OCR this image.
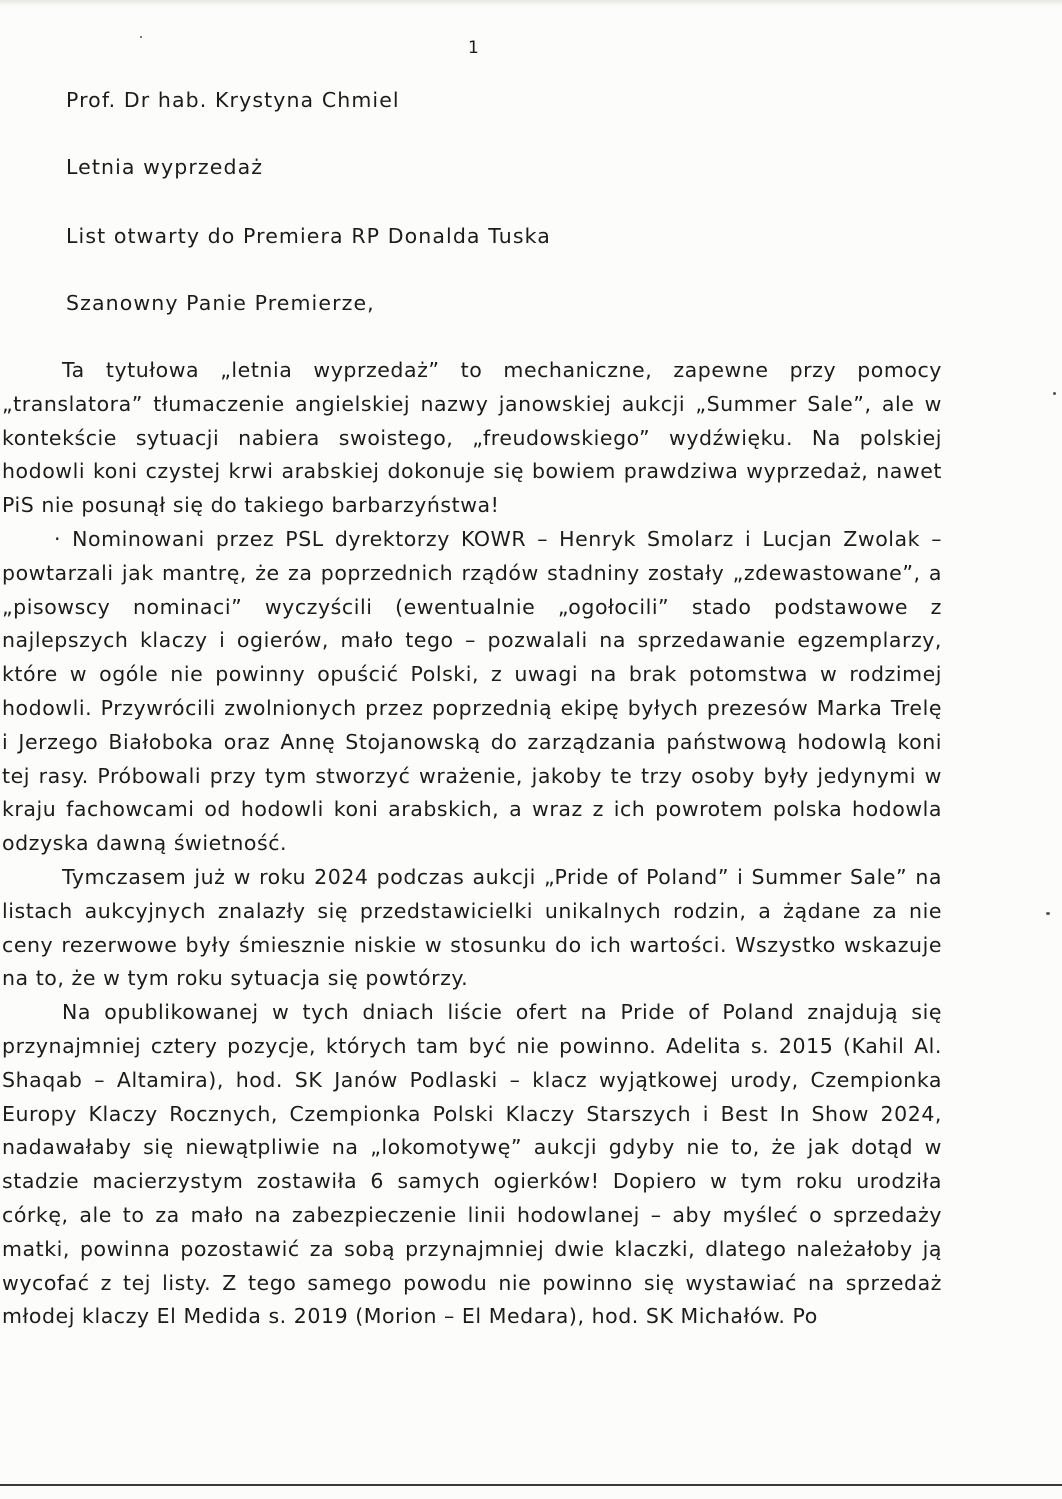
1
Prof. Dr hab. Krystyna Chmiel
Letnia wyprzedaż
List otwarty do Premiera RP Donalda Tuska
Szanowny Panie Premierze,

Ta tytułowa „letnia wyprzedaż” to mechaniczne, zapewne przy pomocy „translatora” tłumaczenie angielskiej nazwy janowskiej aukcji „Summer Sale”, ale w kontekście sytuacji nabiera swoistego, „freudowskiego” wydźwięku. Na polskiej hodowli koni czystej krwi arabskiej dokonuje się bowiem prawdziwa wyprzedaż, nawet PiS nie posunął się do takiego barbarzyństwa!

· Nominowani przez PSL dyrektorzy KOWR – Henryk Smolarz i Lucjan Zwolak – powtarzali jak mantrę, że za poprzednich rządów stadniny zostały „zdewastowane”, a „pisowscy nominaci” wyczyścili (ewentualnie „ogołocili” stado podstawowe z najlepszych klaczy i ogierów, mało tego – pozwalali na sprzedawanie egzemplarzy, które w ogóle nie powinny opuścić Polski, z uwagi na brak potomstwa w rodzimej hodowli. Przywrócili zwolnionych przez poprzednią ekipę byłych prezesów Marka Trelę i Jerzego Białoboka oraz Annę Stojanowską do zarządzania państwową hodowlą koni tej rasy. Próbowali przy tym stworzyć wrażenie, jakoby te trzy osoby były jedynymi w kraju fachowcami od hodowli koni arabskich, a wraz z ich powrotem polska hodowla odzyska dawną świetność.

Tymczasem już w roku 2024 podczas aukcji „Pride of Poland” i Summer Sale” na listach aukcyjnych znalazły się przedstawicielki unikalnych rodzin, a żądane za nie ceny rezerwowe były śmiesznie niskie w stosunku do ich wartości. Wszystko wskazuje na to, że w tym roku sytuacja się powtórzy.

Na opublikowanej w tych dniach liście ofert na Pride of Poland znajdują się przynajmniej cztery pozycje, których tam być nie powinno. Adelita s. 2015 (Kahil Al. Shaqab – Altamira), hod. SK Janów Podlaski – klacz wyjątkowej urody, Czempionka Europy Klaczy Rocznych, Czempionka Polski Klaczy Starszych i Best In Show 2024, nadawałaby się niewątpliwie na „lokomotywę” aukcji gdyby nie to, że jak dotąd w stadzie macierzystym zostawiła 6 samych ogierków! Dopiero w tym roku urodziła córkę, ale to za mało na zabezpieczenie linii hodowlanej – aby myśleć o sprzedaży matki, powinna pozostawić za sobą przynajmniej dwie klaczki, dlatego należałoby ją wycofać z tej listy. Z tego samego powodu nie powinno się wystawiać na sprzedaż młodej klaczy El Medida s. 2019 (Morion – El Medara), hod. SK Michałów. Po
